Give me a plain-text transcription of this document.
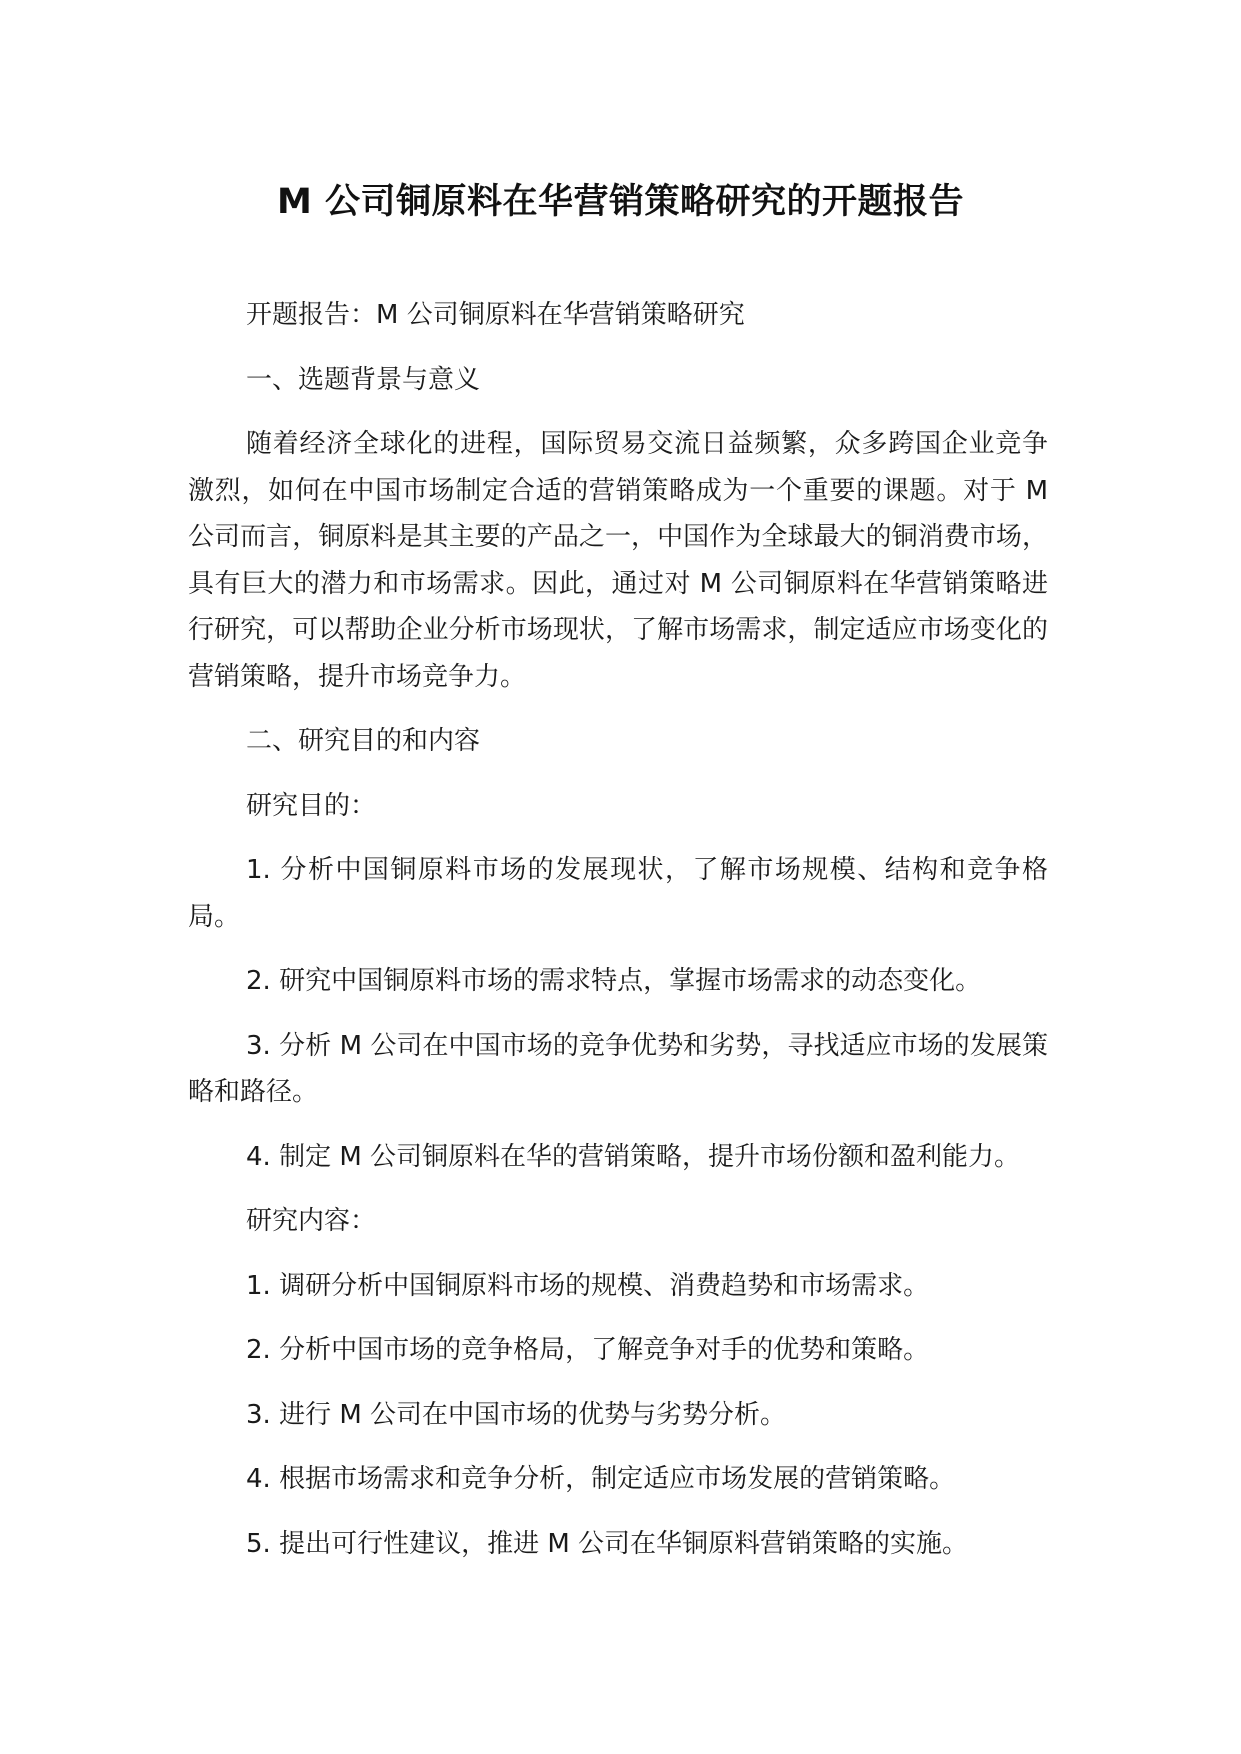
M 公司铜原料在华营销策略研究的开题报告

开题报告：M 公司铜原料在华营销策略研究

一、选题背景与意义

随着经济全球化的进程，国际贸易交流日益频繁，众多跨国企业竞争激烈，如何在中国市场制定合适的营销策略成为一个重要的课题。对于 M 公司而言，铜原料是其主要的产品之一，中国作为全球最大的铜消费市场，具有巨大的潜力和市场需求。因此，通过对 M 公司铜原料在华营销策略进行研究，可以帮助企业分析市场现状，了解市场需求，制定适应市场变化的营销策略，提升市场竞争力。

二、研究目的和内容

研究目的：

1. 分析中国铜原料市场的发展现状，了解市场规模、结构和竞争格局。

2. 研究中国铜原料市场的需求特点，掌握市场需求的动态变化。

3. 分析 M 公司在中国市场的竞争优势和劣势，寻找适应市场的发展策略和路径。

4. 制定 M 公司铜原料在华的营销策略，提升市场份额和盈利能力。

研究内容：

1. 调研分析中国铜原料市场的规模、消费趋势和市场需求。

2. 分析中国市场的竞争格局，了解竞争对手的优势和策略。

3. 进行 M 公司在中国市场的优势与劣势分析。

4. 根据市场需求和竞争分析，制定适应市场发展的营销策略。

5. 提出可行性建议，推进 M 公司在华铜原料营销策略的实施。
